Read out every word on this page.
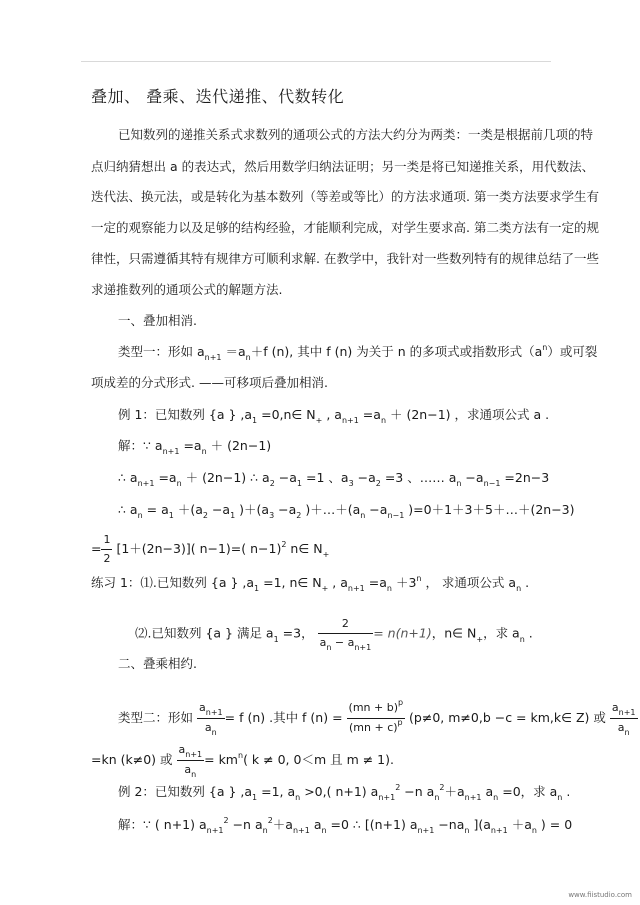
叠加、 叠乘、迭代递推、代数转化
已知数列的递推关系式求数列的通项公式的方法大约分为两类：一类是根据前几项的特
点归纳猜想出 a 的表达式，然后用数学归纳法证明；另一类是将已知递推关系，用代数法、
迭代法、换元法，或是转化为基本数列（等差或等比）的方法求通项. 第一类方法要求学生有
一定的观察能力以及足够的结构经验，才能顺利完成，对学生要求高. 第二类方法有一定的规
律性，只需遵循其特有规律方可顺利求解. 在教学中，我针对一些数列特有的规律总结了一些
求递推数列的通项公式的解题方法.
一、叠加相消.
类型一：形如 $a_{n+1} =a_n+f$ (n), 其中 f (n) 为关于 n 的多项式或指数形式$(a^n)$或可裂
项成差的分式形式. ——可移项后叠加相消.
例 1：已知数列 {a } $,a_1$ =0,n∈ $N_+$ , $a_{n+1} =a_n + (2n-1)$ ，求通项公式 a .
解：∵ $a_{n+1} =a_n + (2n-1)$
∴ $a_{n+1} =a_n + (2n-1)$ ∴ $a_2 -a_1 =1$ 、$a_3 -a_2 =3$ 、…… $a_n -a_{n-1} =2n-3$
∴ $a_n = a_1 +(a_2 -a_1$ )$+(a_3 -a_2$ )$+\dots+(a_n -a_{n-1}$ )=0＋1＋3＋5＋…＋(2n−3)
= $\frac{1}{2} [1+(2n-3)]$( n−1)=( n−1)$^2$ n∈ $N_+$
练习 1：⑴.已知数列 {a } $,a_1 =1$, n∈ $N_+$ , $a_{n+1} =a_n +3^n$ ， 求通项公式 $a_n$ .
⑵.已知数列 {a } 满足 $a_1 =3$， $\frac{2}{a_n - a_{n+1}} = n(n+1)$，n∈ $N_+$，求 $a_n$ .
二、叠乘相约.
类型二：形如 $\frac{a_{n+1}}{a_n} = f$ (n) .其中 f $(n) = \frac{(mn + b)^p}{(mn + c)^p} (p\ne 0$, m≠0,b −c = km,k∈ Z) 或 $\frac{a_{n+1}}{a_n}$
=kn (k≠0) 或 $\frac{a_{n+1}}{a_n} = km^n$( k ≠ 0, 0＜m 且 m ≠ 1).
例 2：已知数列 {a } $,a_1 =1$, $a_n >0$,( n+1) $a_{n+1}^2 -n$ $a_n^2+a_{n+1}$ $a_n =0$，求 $a_n$ .
解：∵ ( n+1) $a_{n+1}^2 -n$ $a_n^2+a_{n+1}$ $a_n =0$ ∴ [(n+1) $a_{n+1} -na_n$ ]($a_{n+1} +a_n$ ) = 0
www.fiistudio.com
